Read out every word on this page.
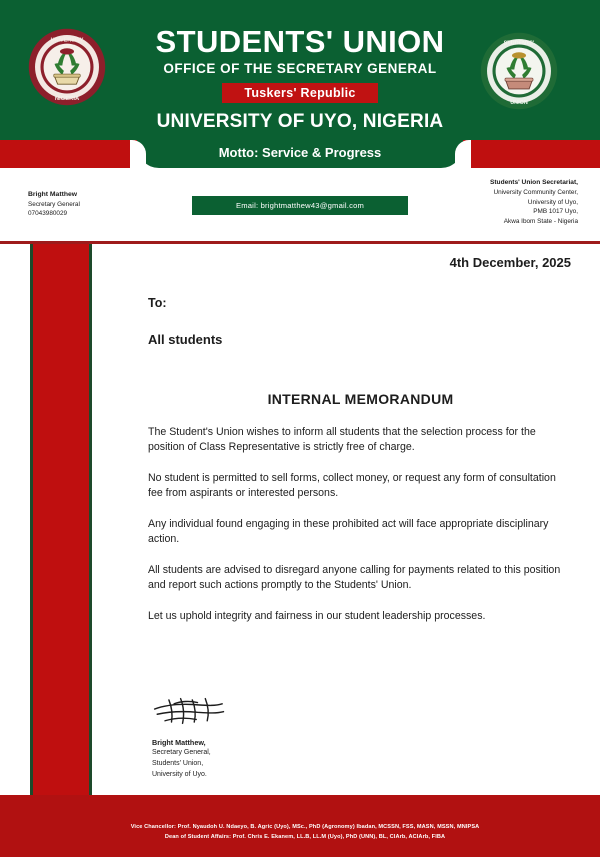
STUDENTS' UNION
OFFICE OF THE SECRETARY GENERAL
Tuskers' Republic
UNIVERSITY OF UYO, NIGERIA
Motto: Service & Progress
UNIVERSITY
NIGERIA
STUDENTS'
UNION
Bright Matthew
Secretary General
07043980029
Email: brightmatthew43@gmail.com
Students' Union Secretariat,
University Community Center,
University of Uyo,
PMB 1017 Uyo,
Akwa Ibom State - Nigeria
4th December, 2025
To:
All students
INTERNAL MEMORANDUM

The Student's Union wishes to inform all students that the selection process for the position of Class Representative is strictly free of charge.

No student is permitted to sell forms, collect money, or request any form of consultation fee from aspirants or interested persons.

Any individual found engaging in these prohibited act will face appropriate disciplinary action.

All students are advised to disregard anyone calling for payments related to this position and report such actions promptly to the Students' Union.

Let us uphold integrity and fairness in our student leadership processes.

Bright Matthew,
Secretary General,
Students' Union,
University of Uyo.
Vice Chancellor: Prof. Nyaudoh U. Ndaeyo, B. Agric (Uyo), MSc., PhD (Agronomy) Ibadan, MCSSN, FSS, MASN, MSSN, MNIPSA
Dean of Student Affairs: Prof. Chris E. Ekanem, LL.B, LL.M (Uyo), PhD (UNN), BL, CIArb, ACIArb, FIBA
